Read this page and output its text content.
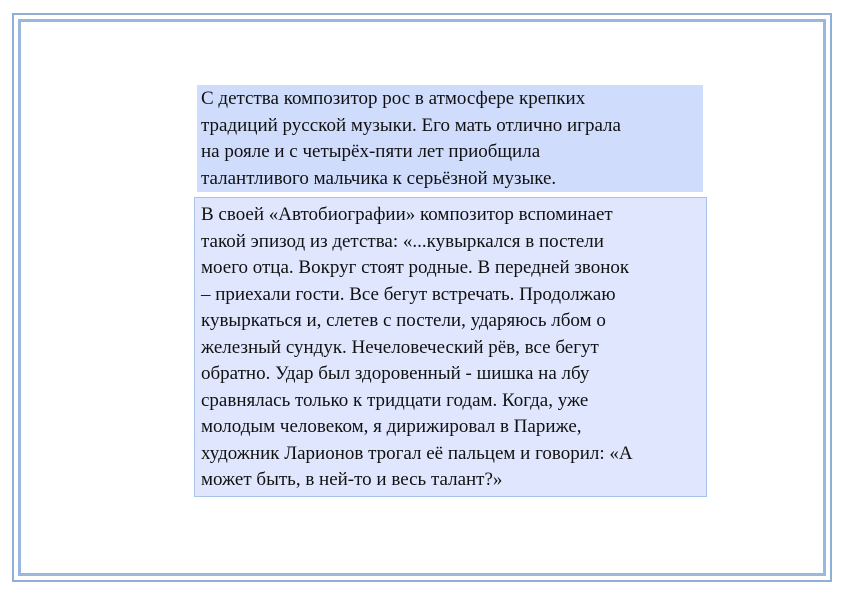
С детства композитор рос в атмосфере крепких
традиций русской музыки. Его мать отлично играла
на рояле и с четырёх-пяти лет приобщила
талантливого мальчика к серьёзной музыке.
В своей «Автобиографии» композитор вспоминает
такой эпизод из детства: «...кувыркался в постели
моего отца. Вокруг стоят родные. В передней звонок
– приехали гости. Все бегут встречать. Продолжаю
кувыркаться и, слетев с постели, ударяюсь лбом о
железный сундук. Нечеловеческий рёв, все бегут
обратно. Удар был здоровенный - шишка на лбу
сравнялась только к тридцати годам. Когда, уже
молодым человеком, я дирижировал в Париже,
художник Ларионов трогал её пальцем и говорил: «А
может быть, в ней-то и весь талант?»
